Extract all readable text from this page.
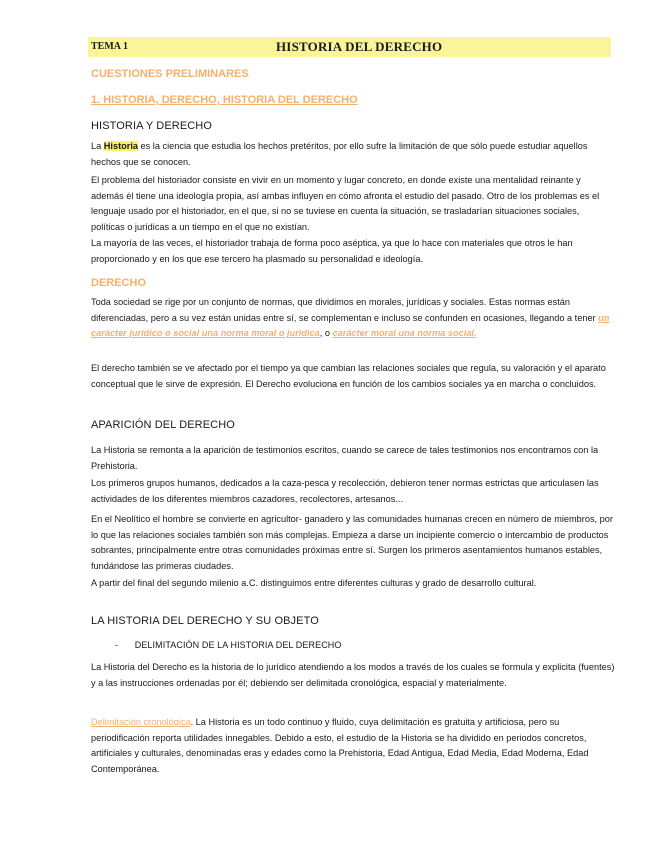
TEMA 1	HISTORIA DEL DERECHO
CUESTIONES PRELIMINARES
1. HISTORIA, DERECHO, HISTORIA DEL DERECHO
HISTORIA Y DERECHO

La Historia es la ciencia que estudia los hechos pretéritos, por ello sufre la limitación de que sólo puede estudiar aquellos hechos que se conocen.

El problema del historiador consiste en vivir en un momento y lugar concreto, en donde existe una mentalidad reinante y además él tiene una ideología propia, así ambas influyen en cómo afronta el estudio del pasado. Otro de los problemas es el lenguaje usado por el historiador, en el que, si no se tuviese en cuenta la situación, se trasladarían situaciones sociales, políticas o jurídicas a un tiempo en el que no existían.

La mayoría de las veces, el historiador trabaja de forma poco aséptica, ya que lo hace con materiales que otros le han proporcionado y en los que ese tercero ha plasmado su personalidad e ideología.

DERECHO

Toda sociedad se rige por un conjunto de normas, que dividimos en morales, jurídicas y sociales. Estas normas están diferenciadas, pero a su vez están unidas entre sí, se complementan e incluso se confunden en ocasiones, llegando a tener un carácter jurídico o social una norma moral o jurídica, o carácter moral una norma social.

El derecho también se ve afectado por el tiempo ya que cambian las relaciones sociales que regula, su valoración y el aparato conceptual que le sirve de expresión. El Derecho evoluciona en función de los cambios sociales ya en marcha o concluidos.

APARICIÓN DEL DERECHO

La Historia se remonta a la aparición de testimonios escritos, cuando se carece de tales testimonios nos encontramos con la Prehistoria.

Los primeros grupos humanos, dedicados a la caza-pesca y recolección, debieron tener normas estrictas que articulasen las actividades de los diferentes miembros cazadores, recolectores, artesanos...

En el Neolítico el hombre se convierte en agricultor- ganadero y las comunidades humanas crecen en número de miembros, por lo que las relaciones sociales también son más complejas. Empieza a darse un incipiente comercio o intercambio de productos sobrantes, principalmente entre otras comunidades próximas entre sí. Surgen los primeros asentamientos humanos estables, fundándose las primeras ciudades.

A partir del final del segundo milenio a.C. distinguimos entre diferentes culturas y grado de desarrollo cultural.

LA HISTORIA DEL DERECHO Y SU OBJETO
- DELIMITACIÓN DE LA HISTORIA DEL DERECHO

La Historia del Derecho es la historia de lo jurídico atendiendo a los modos a través de los cuales se formula y explicita (fuentes) y a las instrucciones ordenadas por él; debiendo ser delimitada cronológica, espacial y materialmente.

Delimitación cronológica. La Historia es un todo continuo y fluido, cuya delimitación es gratuita y artificiosa, pero su periodificación reporta utilidades innegables. Debido a esto, el estudio de la Historia se ha dividido en periodos concretos, artificiales y culturales, denominadas eras y edades como la Prehistoria, Edad Antigua, Edad Media, Edad Moderna, Edad Contemporánea.
